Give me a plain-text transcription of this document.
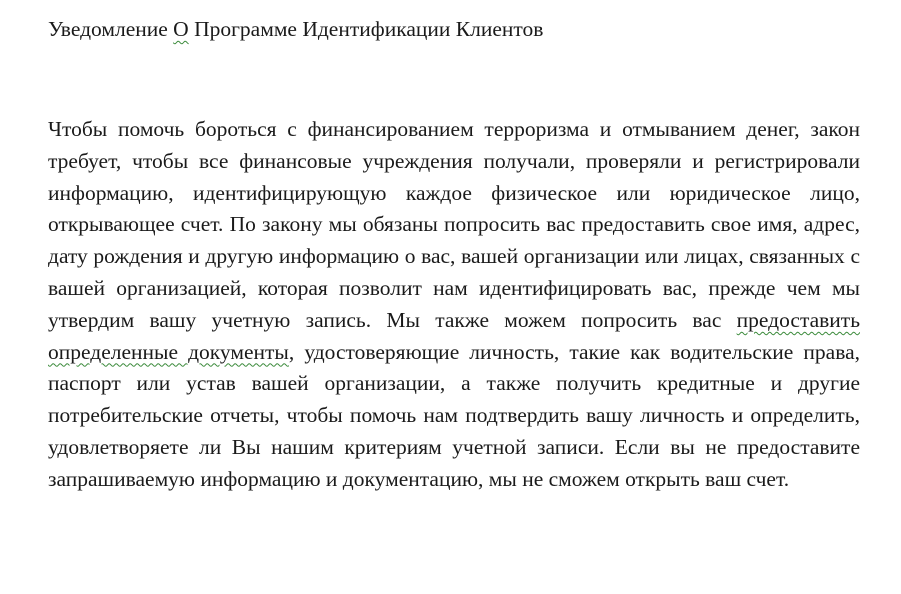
Уведомление О Программе Идентификации Клиентов
Чтобы помочь бороться с финансированием терроризма и отмыванием денег, закон требует, чтобы все финансовые учреждения получали, проверяли и регистрировали информацию, идентифицирующую каждое физическое или юридическое лицо, открывающее счет. По закону мы обязаны попросить вас предоставить свое имя, адрес, дату рождения и другую информацию о вас, вашей организации или лицах, связанных с вашей организацией, которая позволит нам идентифицировать вас, прежде чем мы утвердим вашу учетную запись. Мы также можем попросить вас предоставить определенные документы, удостоверяющие личность, такие как водительские права, паспорт или устав вашей организации, а также получить кредитные и другие потребительские отчеты, чтобы помочь нам подтвердить вашу личность и определить, удовлетворяете ли Вы нашим критериям учетной записи. Если вы не предоставите запрашиваемую информацию и документацию, мы не сможем открыть ваш счет.
